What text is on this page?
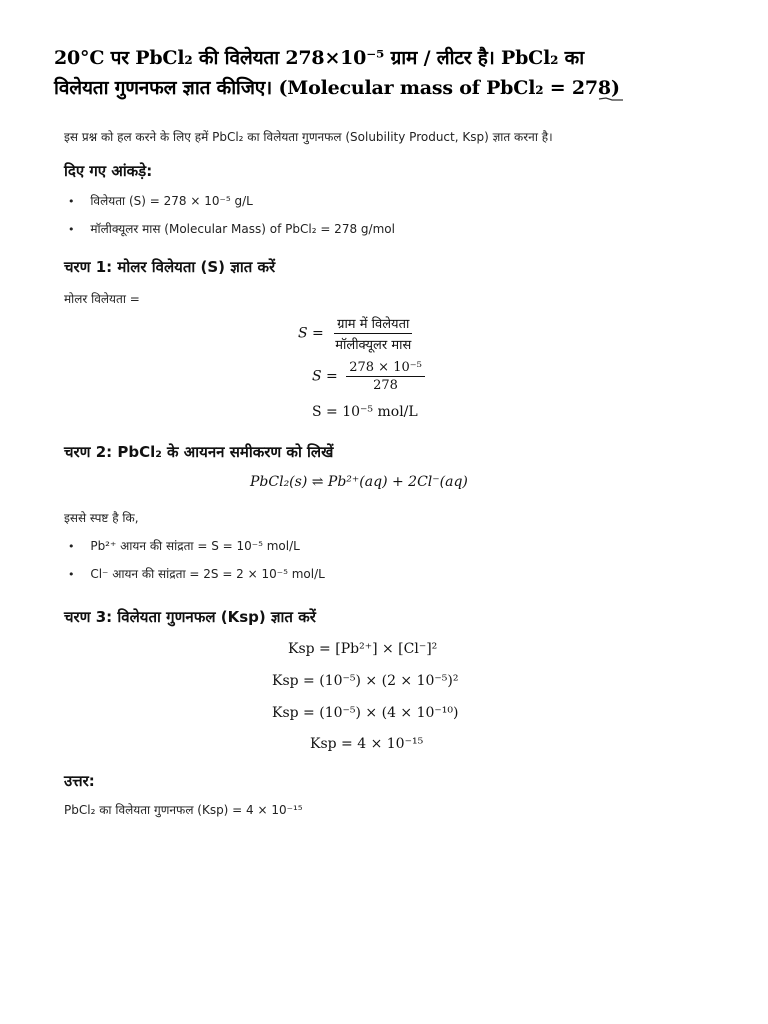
20°C पर PbCl₂ की विलेयता 278×10⁻⁵ ग्राम / लीटर है। PbCl₂ का
विलेयता गुणनफल ज्ञात कीजिए। (Molecular mass of PbCl₂ = 278)
इस प्रश्न को हल करने के लिए हमें PbCl₂ का विलेयता गुणनफल (Solubility Product, Ksp) ज्ञात करना है।
दिए गए आंकड़े:
• विलेयता (S) = 278 × 10⁻⁵ g/L
• मॉलीक्यूलर मास (Molecular Mass) of PbCl₂ = 278 g/mol
चरण 1: मोलर विलेयता (S) ज्ञात करें
मोलर विलेयता =
$S = \frac{\text{ग्राम में विलेयता}}{\text{मॉलीक्यूलर मास}}$
$S = \frac{\text{278 × 10⁻⁵}}{278}$
S = 10⁻⁵ mol/L
चरण 2: PbCl₂ के आयनन समीकरण को लिखें
PbCl₂(s) ⇌ Pb²⁺(aq) + 2Cl⁻(aq)
इससे स्पष्ट है कि,
• Pb²⁺ आयन की सांद्रता = S = 10⁻⁵ mol/L
• Cl⁻ आयन की सांद्रता = 2S = 2 × 10⁻⁵ mol/L
चरण 3: विलेयता गुणनफल (Ksp) ज्ञात करें
Ksp = [Pb²⁺] × [Cl⁻]²
Ksp = (10⁻⁵) × (2 × 10⁻⁵)²
Ksp = (10⁻⁵) × (4 × 10⁻¹⁰)
Ksp = 4 × 10⁻¹⁵
उत्तर:
PbCl₂ का विलेयता गुणनफल (Ksp) = 4 × 10⁻¹⁵
